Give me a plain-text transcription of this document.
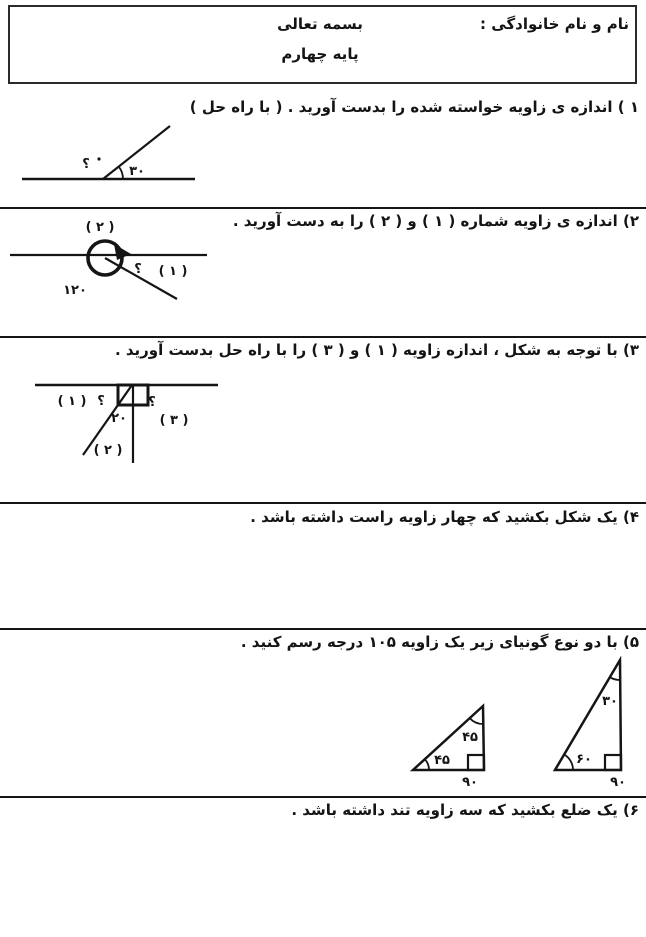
نام و نام خانوادگی :
بسمه تعالی
پایه چهارم
۱ ) اندازه ی زاویه خواسته شده را بدست آورید . ( با راه حل )
۳۰
؟
۲) اندازه ی زاویه شماره ( ۱ ) و ( ۲ ) را به دست آورید .
( ۲ )
۱۲۰
؟ ( ۱ )
۳) با توجه به شکل ، اندازه زاویه ( ۱ ) و ( ۳ ) را با راه حل بدست آورید .
( ۱ ) ؟	؟
۲۰	( ۳ )
( ۲ )
۴) یک شکل بکشید که چهار زاویه راست داشته باشد .
۵) با دو نوع گونیای زیر یک زاویه ۱۰۵ درجه رسم کنید .
۴۵
۴۵
۹۰
۳۰
۶۰
۹۰
۶) یک ضلع بکشید که سه زاویه تند داشته باشد .
